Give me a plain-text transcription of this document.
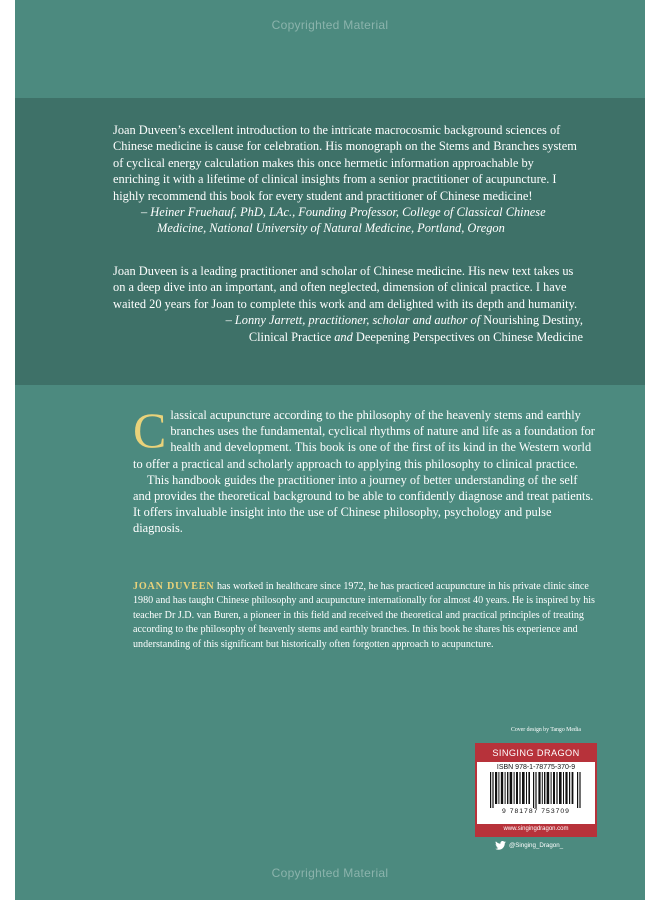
Copyrighted Material

Joan Duveen’s excellent introduction to the intricate macrocosmic background sciences of Chinese medicine is cause for celebration. His monograph on the Stems and Branches system of cyclical energy calculation makes this once hermetic information approachable by enriching it with a lifetime of clinical insights from a senior practitioner of acupuncture. I highly recommend this book for every student and practitioner of Chinese medicine!

– Heiner Fruehauf, PhD, LAc., Founding Professor, College of Classical Chinese Medicine, National University of Natural Medicine, Portland, Oregon

Joan Duveen is a leading practitioner and scholar of Chinese medicine. His new text takes us on a deep dive into an important, and often neglected, dimension of clinical practice. I have waited 20 years for Joan to complete this work and am delighted with its depth and humanity.

– Lonny Jarrett, practitioner, scholar and author of Nourishing Destiny,

Clinical Practice and Deepening Perspectives on Chinese Medicine

Classical acupuncture according to the philosophy of the heavenly stems and earthly branches uses the fundamental, cyclical rhythms of nature and life as a foundation for health and development. This book is one of the first of its kind in the Western world to offer a practical and scholarly approach to applying this philosophy to clinical practice.

This handbook guides the practitioner into a journey of better understanding of the self and provides the theoretical background to be able to confidently diagnose and treat patients. It offers invaluable insight into the use of Chinese philosophy, psychology and pulse diagnosis.

JOAN DUVEEN has worked in healthcare since 1972, he has practiced acupuncture in his private clinic since 1980 and has taught Chinese philosophy and acupuncture internationally for almost 40 years. He is inspired by his teacher Dr J.D. van Buren, a pioneer in this field and received the theoretical and practical principles of treating according to the philosophy of heavenly stems and earthly branches. In this book he shares his experience and understanding of this significant but historically often forgotten approach to acupuncture.

Cover design by Tango Media
SINGING DRAGON
ISBN 978-1-78775-370-9
9 781787 753709
www.singingdragon.com
@Singing_Dragon_
Copyrighted Material
